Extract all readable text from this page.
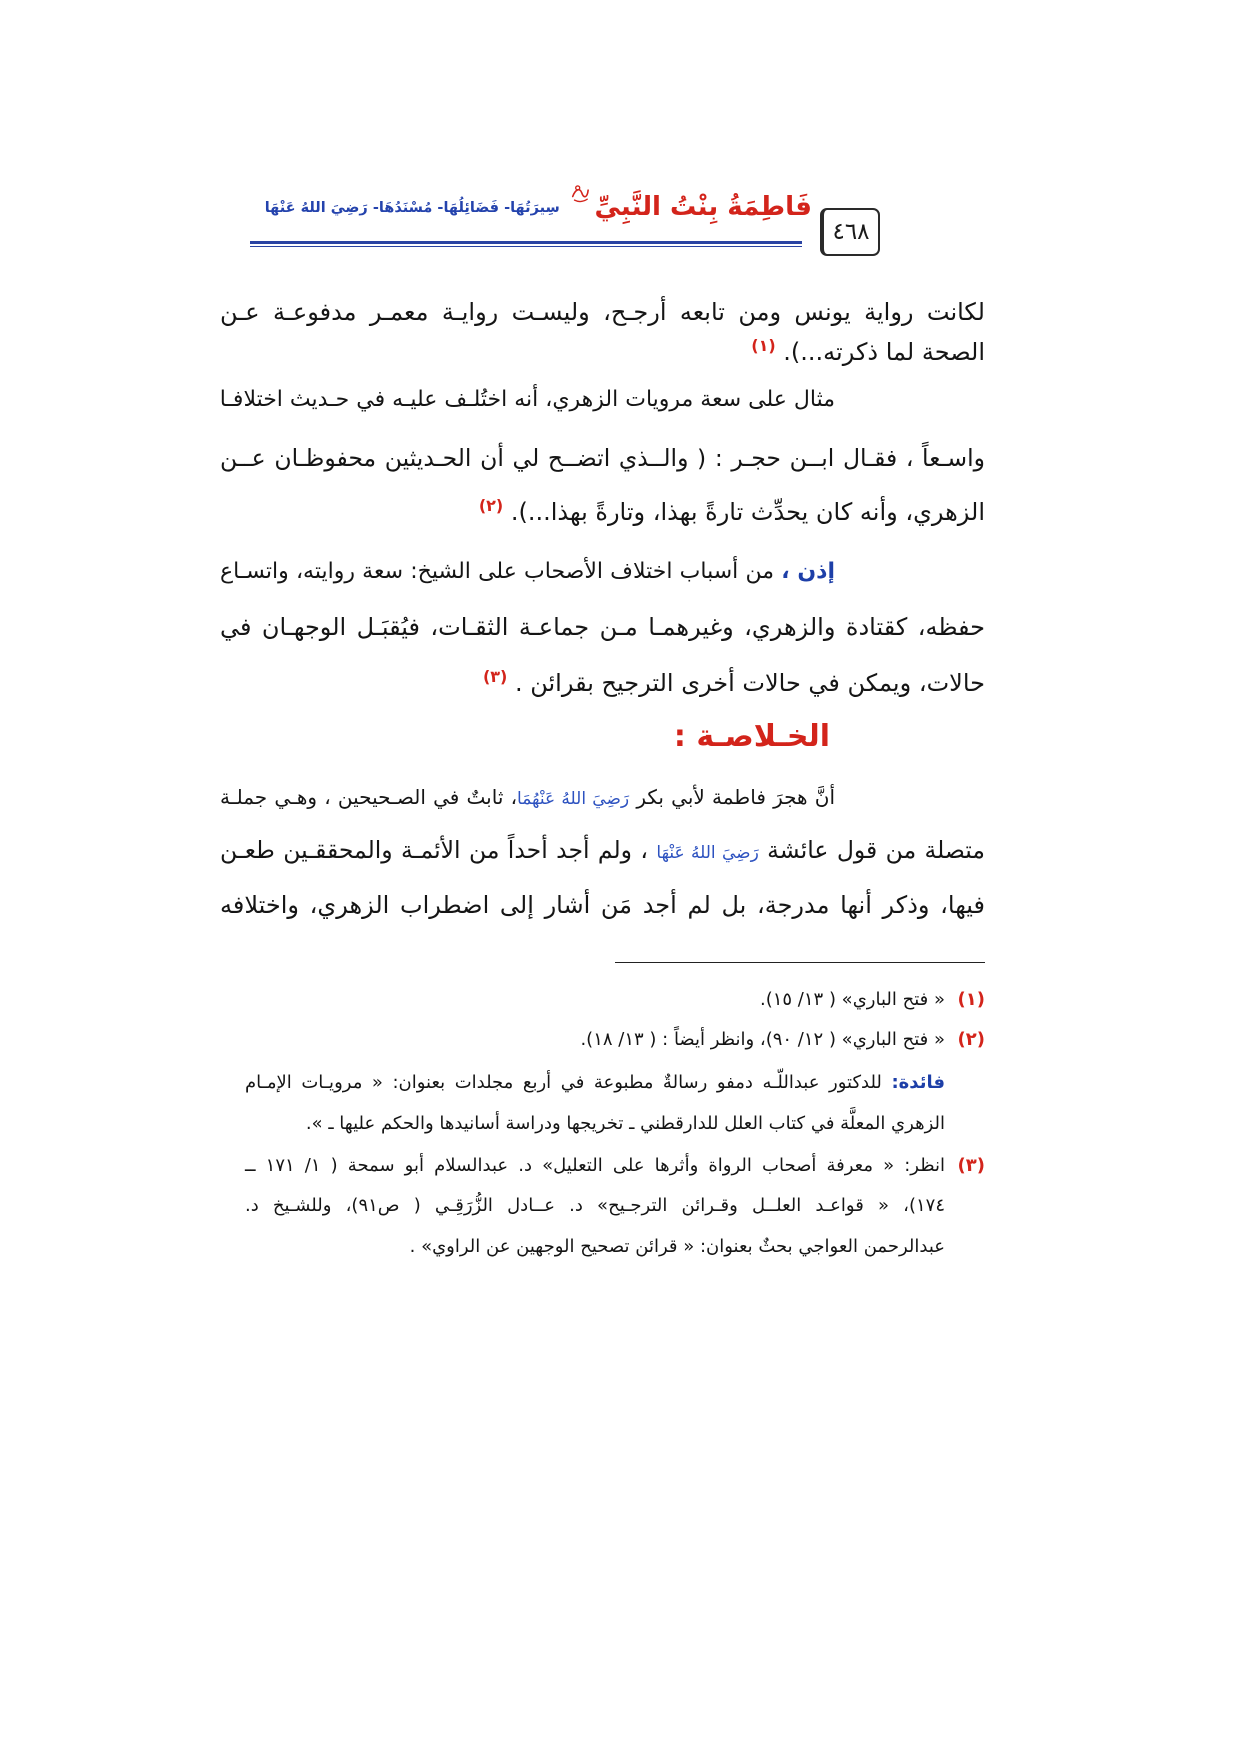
٤٦٨
فَاطِمَةُ بِنْتُ النَّبِيِّ
سِيرَتُهَا- فَضَائِلُهَا- مُسْنَدُهَا- رَضِيَ اللهُ عَنْهَا
لكانت رواية يونس ومن تابعه أرجـح، وليسـت روايـة معمـر مدفوعـة عـن
الصحة لما ذكرته...). $^{(١)}$
مثال على سعة مرويات الزهري، أنه اختُلـف عليـه في حـديث اختلافـا
واسـعاً ، فقـال ابــن حجـر : ( والــذي اتضــح لي أن الحـديثين محفوظـان عــن
الزهري، وأنه كان يحدِّث تارةً بهذا، وتارةً بهذا...). $^{(٢)}$
إذن ، من أسباب اختلاف الأصحاب على الشيخ: سعة روايته، واتسـاع
حفظه، كقتادة والزهري، وغيرهمـا مـن جماعـة الثقـات، فيُقبَـل الوجهـان في
حالات، ويمكن في حالات أخرى الترجيح بقرائن . $^{(٣)}$
الخـلاصـة :
أنَّ هجرَ فاطمة لأبي بكر رَضِيَ اللهُ عَنْهُمَا، ثابتٌ في الصـحيحين ، وهـي جملـة
متصلة من قول عائشة رَضِيَ اللهُ عَنْهَا ، ولم أجد أحداً من الأئمـة والمحققـين طعـن
فيها، وذكر أنها مدرجة، بل لم أجد مَن أشار إلى اضطراب الزهري، واختلافه
(١)
« فتح الباري» ( ١٣/ ١٥).
(٢)
« فتح الباري» ( ١٢/ ٩٠)، وانظر أيضاً : ( ١٣/ ١٨).
فائدة: للدكتور عبداللّـه دمفو رسالةٌ مطبوعة في أربع مجلدات بعنوان: « مرويـات الإمـام
الزهري المعلَّة في كتاب العلل للدارقطني ـ تخريجها ودراسة أسانيدها والحكم عليها ـ ».
(٣)
انظر: « معرفة أصحاب الرواة وأثرها على التعليل» د. عبدالسلام أبو سمحة ( ١/ ١٧١ ــ
١٧٤)، « قواعـد العلــل وقـرائن الترجـيح» د. عــادل الزُّرَقِـي ( ص٩١)، وللشـيخ د.
عبدالرحمن العواجي بحثٌ بعنوان: « قرائن تصحيح الوجهين عن الراوي» .
